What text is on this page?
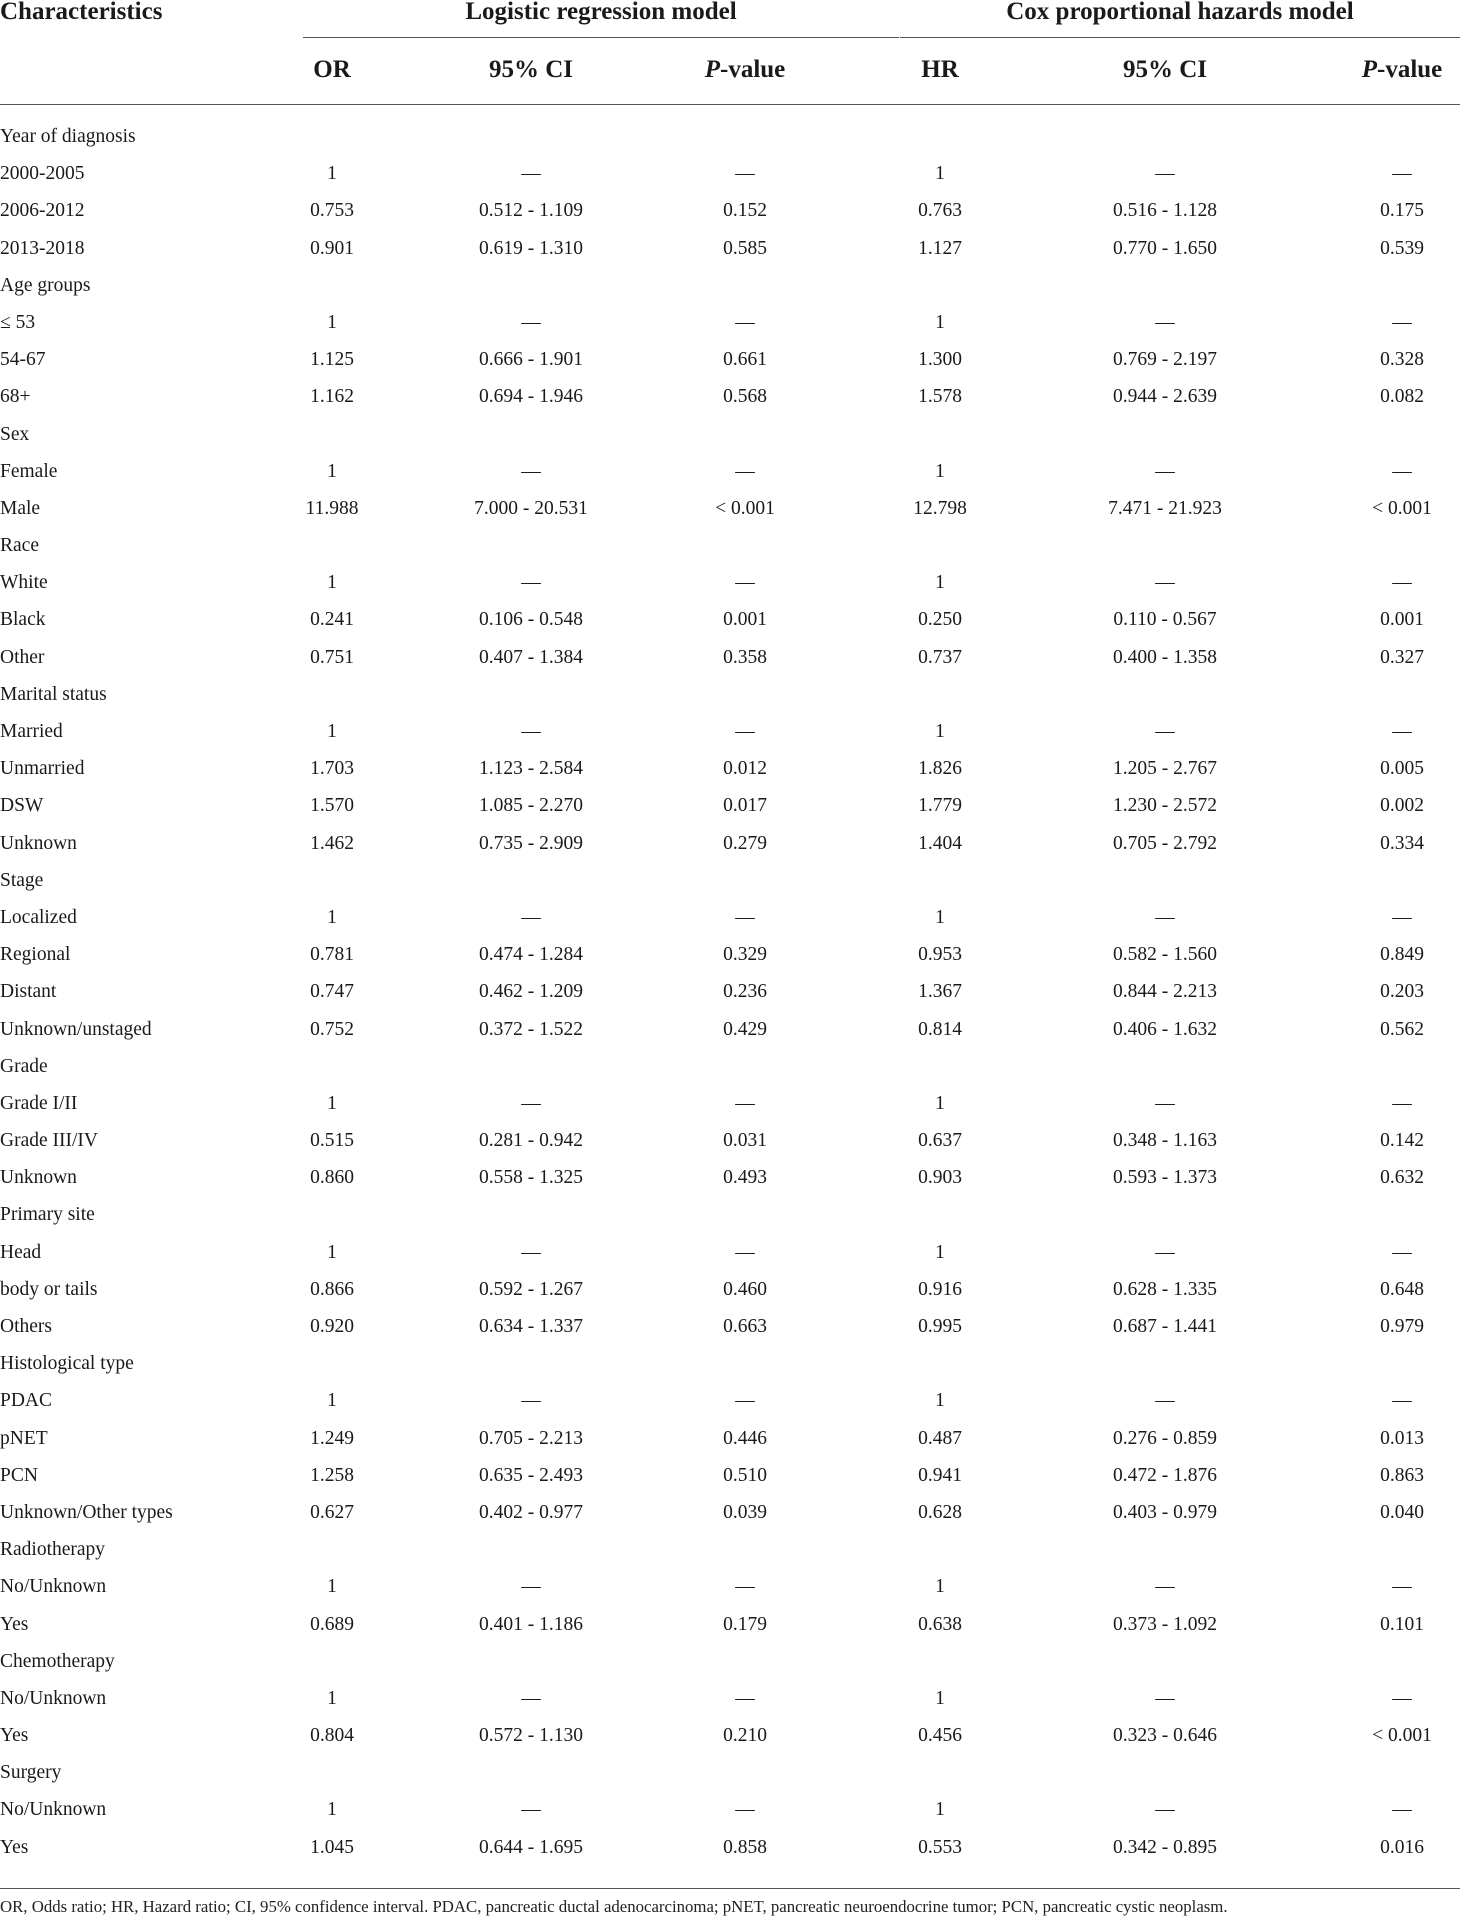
Characteristics	Logistic regression model	Cox proportional hazards model
OR	95% CI	P-value	HR	95% CI	P-value
Year of diagnosis
2000-2005	1	—	—	1	—	—
2006-2012	0.753	0.512 - 1.109	0.152	0.763	0.516 - 1.128	0.175
2013-2018	0.901	0.619 - 1.310	0.585	1.127	0.770 - 1.650	0.539
Age groups
≤ 53	1	—	—	1	—	—
54-67	1.125	0.666 - 1.901	0.661	1.300	0.769 - 2.197	0.328
68+	1.162	0.694 - 1.946	0.568	1.578	0.944 - 2.639	0.082
Sex
Female	1	—	—	1	—	—
Male	11.988	7.000 - 20.531	< 0.001	12.798	7.471 - 21.923	< 0.001
Race
White	1	—	—	1	—	—
Black	0.241	0.106 - 0.548	0.001	0.250	0.110 - 0.567	0.001
Other	0.751	0.407 - 1.384	0.358	0.737	0.400 - 1.358	0.327
Marital status
Married	1	—	—	1	—	—
Unmarried	1.703	1.123 - 2.584	0.012	1.826	1.205 - 2.767	0.005
DSW	1.570	1.085 - 2.270	0.017	1.779	1.230 - 2.572	0.002
Unknown	1.462	0.735 - 2.909	0.279	1.404	0.705 - 2.792	0.334
Stage
Localized	1	—	—	1	—	—
Regional	0.781	0.474 - 1.284	0.329	0.953	0.582 - 1.560	0.849
Distant	0.747	0.462 - 1.209	0.236	1.367	0.844 - 2.213	0.203
Unknown/unstaged	0.752	0.372 - 1.522	0.429	0.814	0.406 - 1.632	0.562
Grade
Grade I/II	1	—	—	1	—	—
Grade III/IV	0.515	0.281 - 0.942	0.031	0.637	0.348 - 1.163	0.142
Unknown	0.860	0.558 - 1.325	0.493	0.903	0.593 - 1.373	0.632
Primary site
Head	1	—	—	1	—	—
body or tails	0.866	0.592 - 1.267	0.460	0.916	0.628 - 1.335	0.648
Others	0.920	0.634 - 1.337	0.663	0.995	0.687 - 1.441	0.979
Histological type
PDAC	1	—	—	1	—	—
pNET	1.249	0.705 - 2.213	0.446	0.487	0.276 - 0.859	0.013
PCN	1.258	0.635 - 2.493	0.510	0.941	0.472 - 1.876	0.863
Unknown/Other types	0.627	0.402 - 0.977	0.039	0.628	0.403 - 0.979	0.040
Radiotherapy
No/Unknown	1	—	—	1	—	—
Yes	0.689	0.401 - 1.186	0.179	0.638	0.373 - 1.092	0.101
Chemotherapy
No/Unknown	1	—	—	1	—	—
Yes	0.804	0.572 - 1.130	0.210	0.456	0.323 - 0.646	< 0.001
Surgery
No/Unknown	1	—	—	1	—	—
Yes	1.045	0.644 - 1.695	0.858	0.553	0.342 - 0.895	0.016
OR, Odds ratio; HR, Hazard ratio; CI, 95% confidence interval. PDAC, pancreatic ductal adenocarcinoma; pNET, pancreatic neuroendocrine tumor; PCN, pancreatic cystic neoplasm.
